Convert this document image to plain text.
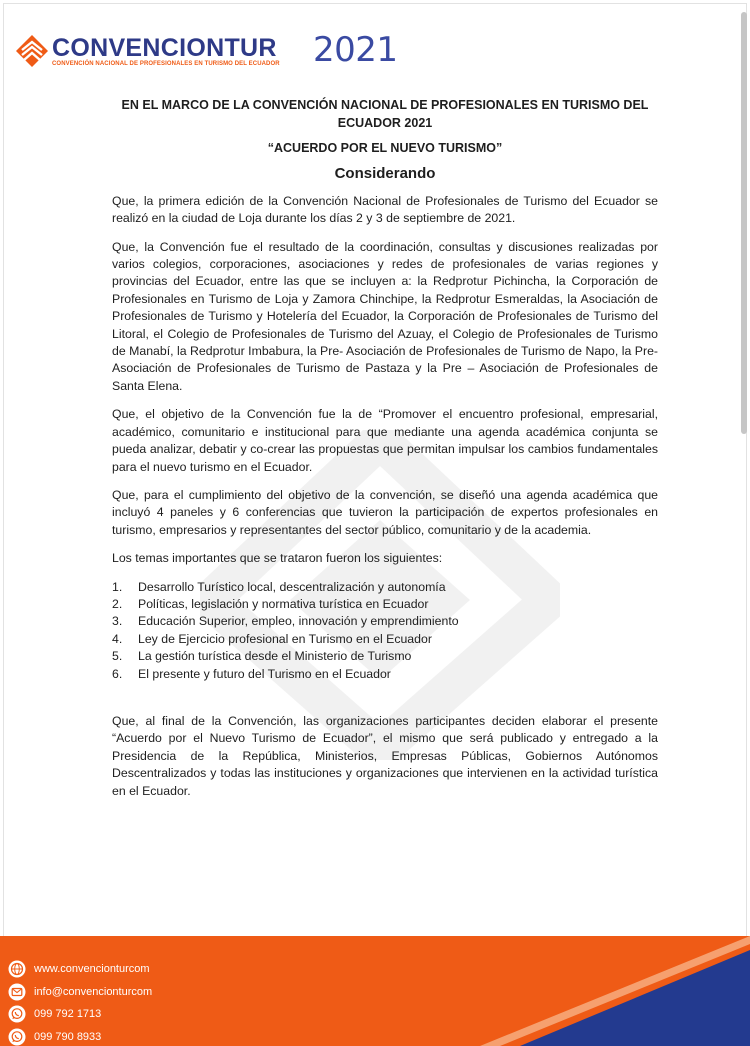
CONVENCIONTUR 2021
CONVENCIÓN NACIONAL DE PROFESIONALES EN TURISMO DEL ECUADOR
EN EL MARCO DE LA CONVENCIÓN NACIONAL DE PROFESIONALES EN TURISMO DEL
ECUADOR 2021
“ACUERDO POR EL NUEVO TURISMO”
Considerando

Que, la primera edición de la Convención Nacional de Profesionales de Turismo del Ecuador se realizó en la ciudad de Loja durante los días 2 y 3 de septiembre de 2021.

Que, la Convención fue el resultado de la coordinación, consultas y discusiones realizadas por varios colegios, corporaciones, asociaciones y redes de profesionales de varias regiones y provincias del Ecuador, entre las que se incluyen a: la Redprotur Pichincha, la Corporación de Profesionales en Turismo de Loja y Zamora Chinchipe, la Redprotur Esmeraldas, la Asociación de Profesionales de Turismo y Hotelería del Ecuador, la Corporación de Profesionales de Turismo del Litoral, el Colegio de Profesionales de Turismo del Azuay, el Colegio de Profesionales de Turismo de Manabí, la Redprotur Imbabura, la Pre- Asociación de Profesionales de Turismo de Napo, la Pre- Asociación de Profesionales de Turismo de Pastaza y la Pre – Asociación de Profesionales de Santa Elena.

Que, el objetivo de la Convención fue la de “Promover el encuentro profesional, empresarial, académico, comunitario e institucional para que mediante una agenda académica conjunta se pueda analizar, debatir y co-crear las propuestas que permitan impulsar los cambios fundamentales para el nuevo turismo en el Ecuador.

Que, para el cumplimiento del objetivo de la convención, se diseñó una agenda académica que incluyó 4 paneles y 6 conferencias que tuvieron la participación de expertos profesionales en turismo, empresarios y representantes del sector público, comunitario y de la academia.

Los temas importantes que se trataron fueron los siguientes:

1.	Desarrollo Turístico local, descentralización y autonomía
2.	Políticas, legislación y normativa turística en Ecuador
3.	Educación Superior, empleo, innovación y emprendimiento
4.	Ley de Ejercicio profesional en Turismo en el Ecuador
5.	La gestión turística desde el Ministerio de Turismo
6.	El presente y futuro del Turismo en el Ecuador

Que, al final de la Convención, las organizaciones participantes deciden elaborar el presente “Acuerdo por el Nuevo Turismo de Ecuador”, el mismo que será publicado y entregado a la Presidencia de la República, Ministerios, Empresas Públicas, Gobiernos Autónomos Descentralizados y todas las instituciones y organizaciones que intervienen en la actividad turística en el Ecuador.

www.convencionturcom
info@convencionturcom
099 792 1713
099 790 8933
